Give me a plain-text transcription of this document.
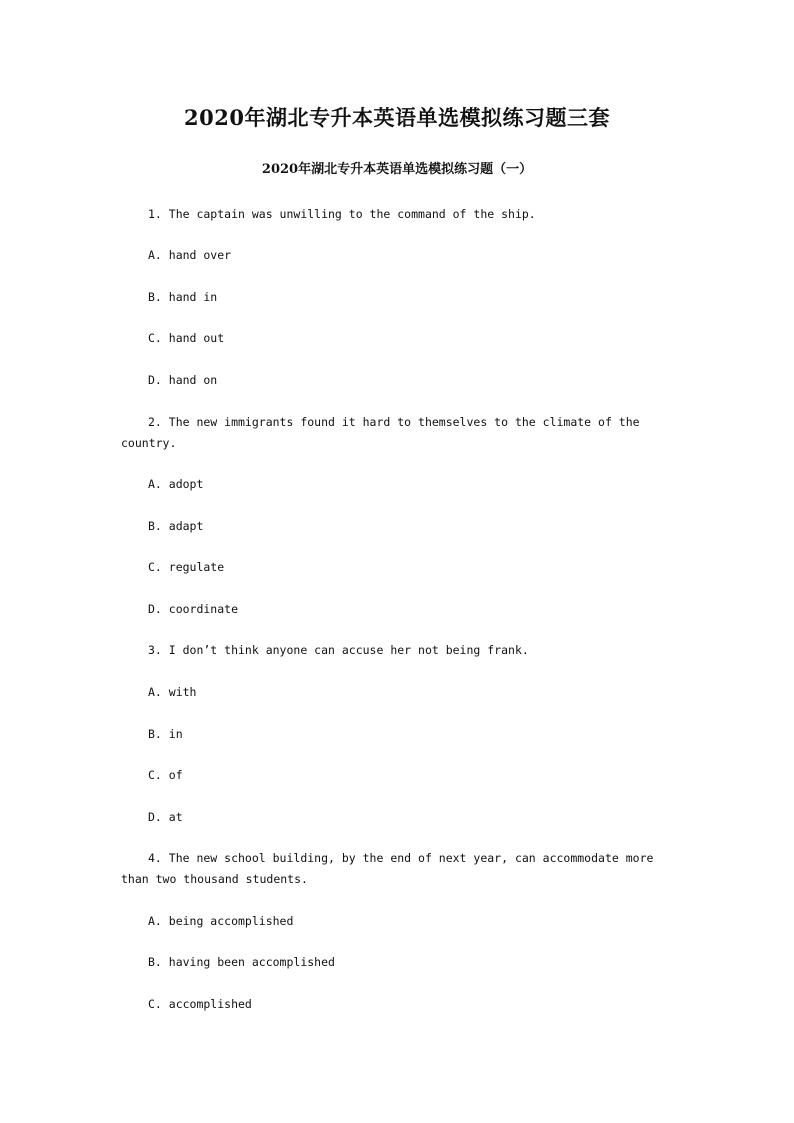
2020年湖北专升本英语单选模拟练习题三套
2020年湖北专升本英语单选模拟练习题（一）

1. The captain was unwilling to the command of the ship.

A. hand over

B. hand in

C. hand out

D. hand on

2. The new immigrants found it hard to themselves to the climate of the

country.

A. adopt

B. adapt

C. regulate

D. coordinate

3. I don’t think anyone can accuse her not being frank.

A. with

B. in

C. of

D. at

4. The new school building, by the end of next year, can accommodate more

than two thousand students.

A. being accomplished

B. having been accomplished

C. accomplished
